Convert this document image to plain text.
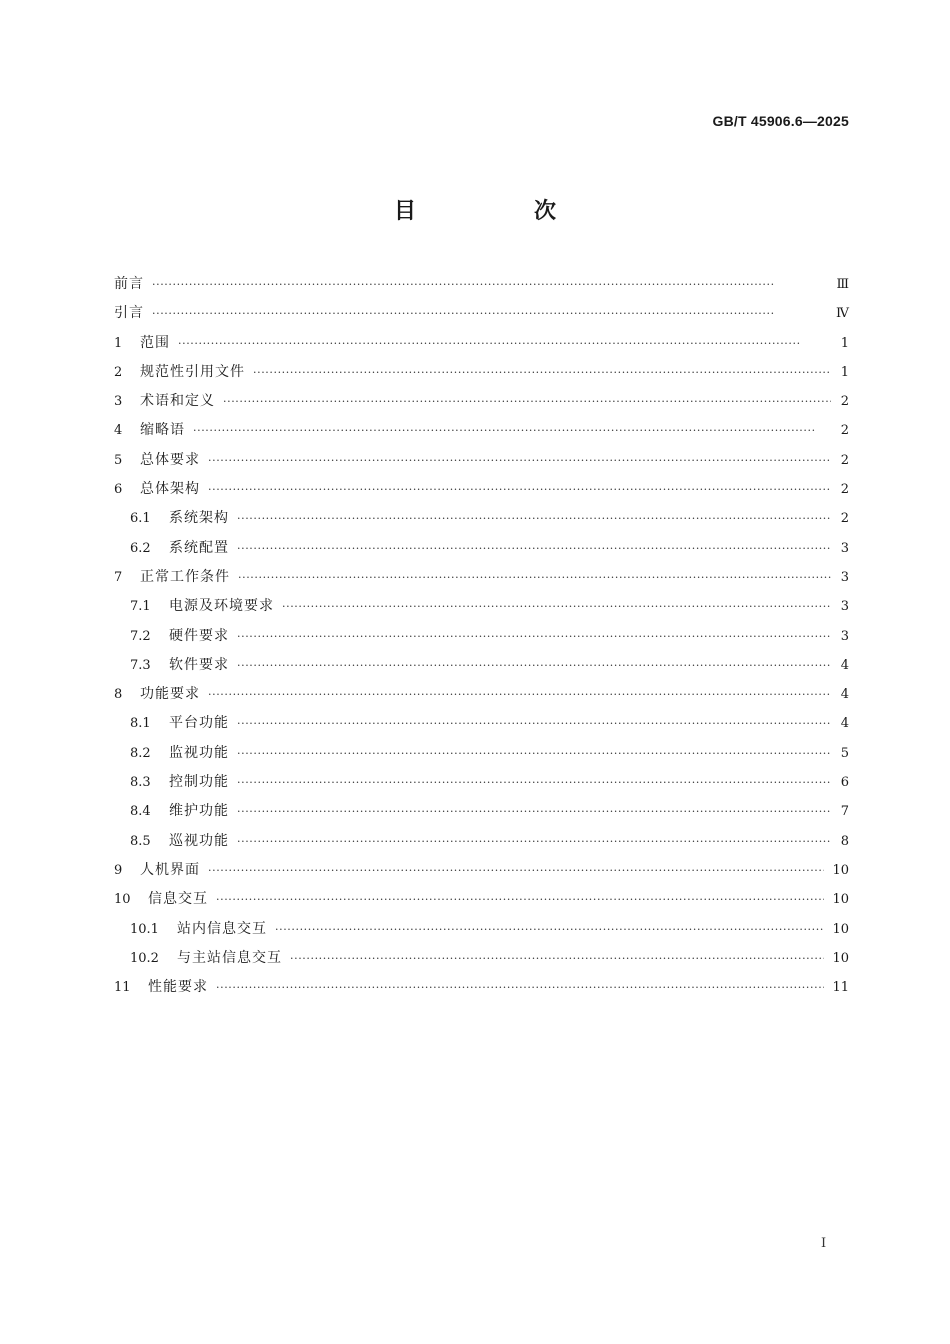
GB/T 45906.6—2025
目　次
前言 ·····	Ⅲ
引言 ·····	Ⅳ
1	范围 ·····	1
2	规范性引用文件 ·····	1
3	术语和定义 ·····	2
4	缩略语 ·····	2
5	总体要求 ·····	2
6	总体架构 ·····	2
6.1	系统架构 ·····	2
6.2	系统配置 ·····	3
7	正常工作条件 ·····	3
7.1	电源及环境要求 ·····	3
7.2	硬件要求 ·····	3
7.3	软件要求 ·····	4
8	功能要求 ·····	4
8.1	平台功能 ·····	4
8.2	监视功能 ·····	5
8.3	控制功能 ·····	6
8.4	维护功能 ·····	7
8.5	巡视功能 ·····	8
9	人机界面 ·····	10
10	信息交互 ·····	10
10.1	站内信息交互 ·····	10
10.2	与主站信息交互 ·····	10
11	性能要求 ·····	11
Ⅰ
